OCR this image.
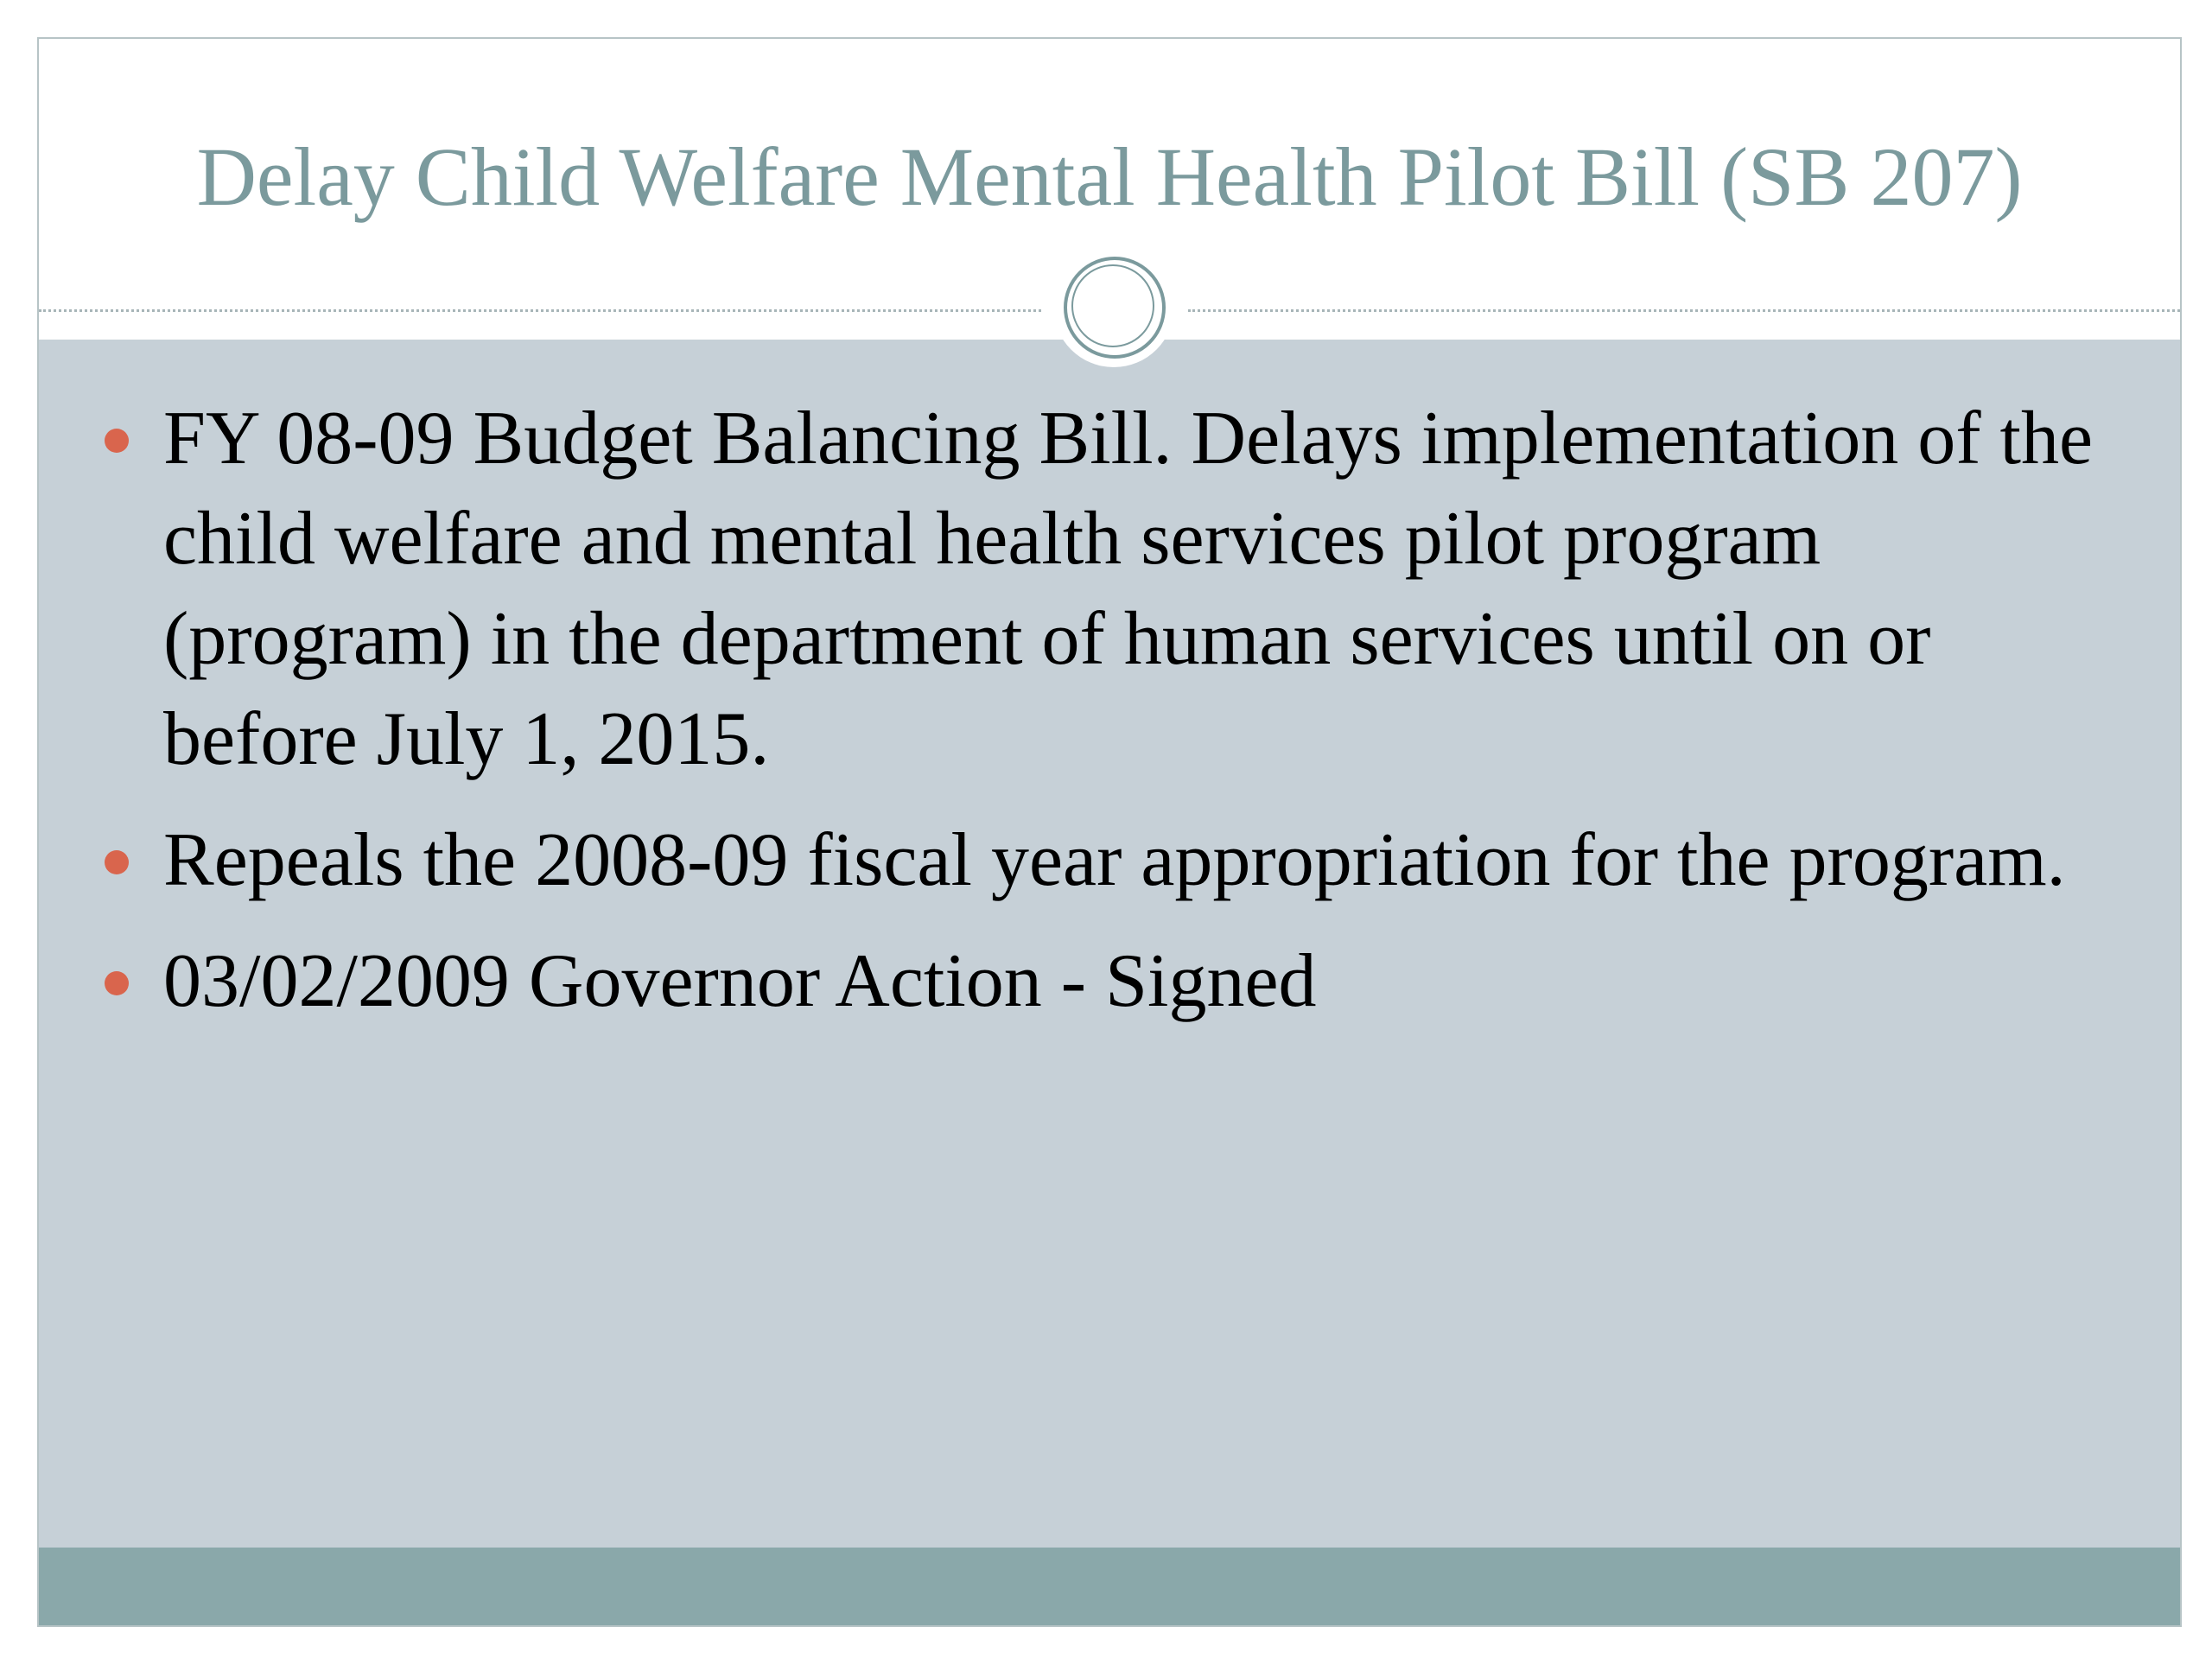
Delay Child Welfare Mental Health Pilot Bill (SB 207)
FY 08-09 Budget Balancing Bill. Delays implementation of the child welfare and mental health services pilot program (program) in the department of human services until on or before July 1, 2015.
Repeals the 2008-09 fiscal year appropriation for the program.
03/02/2009 Governor Action - Signed
